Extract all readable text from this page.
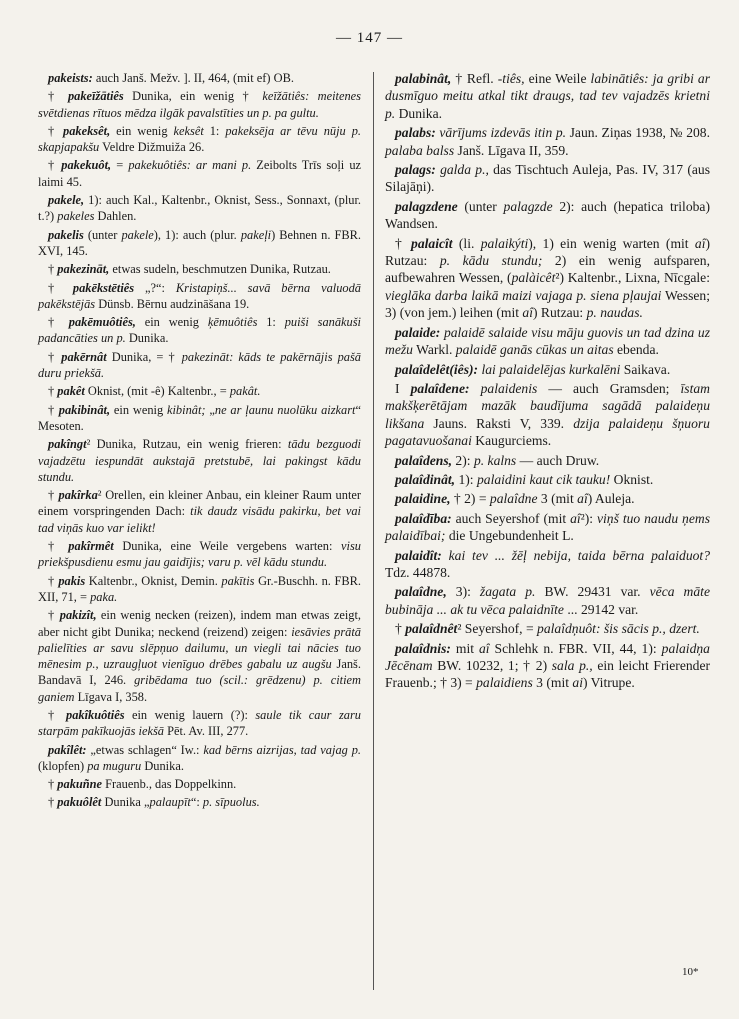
— 147 —

pakeists: auch Janš. Mežv. ]. II, 464, (mit ef) OB.

† pakeīžātiês Dunika, ein wenig † keīžātiês: meitenes svētdienas rītuos mēdza ilgāk pavalstīties un p. pa gultu.

† pakeksêt, ein wenig keksêt 1: pakeksēja ar tēvu nūju p. skapjapakšu Veldre Dižmuiža 26.

† pakekuôt, = pakekuôtiês: ar mani p. Zeibolts Trīs soļi uz laimi 45.

pakele, 1): auch Kal., Kaltenbr., Oknist, Sess., Sonnaxt, (plur. t.?) pakeles Dahlen.

pakelis (unter pakele), 1): auch (plur. pakeļi) Behnen n. FBR. XVI, 145.

† pakezināt, etwas sudeln, beschmutzen Dunika, Rutzau.

† pakēkstētiês „?“: Kristapiņš... savā bērna valuodā pakēkstējās Dünsb. Bērnu audzināšana 19.

† pakēmuôtiês, ein wenig ķēmuôtiês 1: puiši sanākuši padancāties un p. Dunika.

† pakērnât Dunika, = † pakezināt: kāds te pakērnājis pašā duru priekšā.

† pakêt Oknist, (mit -ê) Kaltenbr., = pakât.

† pakibinât, ein wenig kibinât; „ne ar ļaunu nuolūku aizkart“ Mesoten.

pakîngt² Dunika, Rutzau, ein wenig frieren: tādu bezguodi vajadzētu iespundāt aukstajā pretstubē, lai pakingst kādu stundu.

† pakîrka² Orellen, ein kleiner Anbau, ein kleiner Raum unter einem vorspringenden Dach: tik daudz visādu pakirku, bet vai tad viņās kuo var ielikt!

† pakîrmêt Dunika, eine Weile vergebens warten: visu priekšpusdienu esmu jau gaidījis; varu p. vēl kādu stundu.

† pakis Kaltenbr., Oknist, Demin. pakītis Gr.-Buschh. n. FBR. XII, 71, = paka.

† pakizît, ein wenig necken (reizen), indem man etwas zeigt, aber nicht gibt Dunika; neckend (reizend) zeigen: iesāvies prātā palielīties ar savu slēpņuo dailumu, un viegli tai nācies tuo mēnesim p., uzraugļuot vienīguo drēbes gabalu uz augšu Janš. Bandavā I, 246. gribēdama tuo (scil.: grēdzenu) p. citiem ganiem Līgava I, 358.

† pakîkuôtiês ein wenig lauern (?): saule tik caur zaru starpām pakīkuojās iekšā Pēt. Av. III, 277.

pakîlêt: „etwas schlagen“ Iw.: kad bērns aizrijas, tad vajag p. (klopfen) pa muguru Dunika.

† pakuñne Frauenb., das Doppelkinn.

† pakuôlêt Dunika „palaupīt“: p. sīpuolus.

palabinât, † Refl. -tiês, eine Weile labinātiês: ja gribi ar dusmīguo meitu atkal tikt draugs, tad tev vajadzēs krietni p. Dunika.

palabs: vārījums izdevās itin p. Jaun. Ziņas 1938, № 208. palaba balss Janš. Līgava II, 359.

palags: galda p., das Tischtuch Auleja, Pas. IV, 317 (aus Silajāņi).

palagzdene (unter palagzde 2): auch (hepatica triloba) Wandsen.

† palaicît (li. palaikýti), 1) ein wenig warten (mit aî) Rutzau: p. kādu stundu; 2) ein wenig aufsparen, aufbewahren Wessen, (palàicêt²) Kaltenbr., Lixna, Nīcgale: vieglāka darba laikā maizi vajaga p. siena pļaujai Wessen; 3) (von jem.) leihen (mit aî) Rutzau: p. naudas.

palaide: palaidē salaide visu māju guovis un tad dzina uz mežu Warkl. palaidē ganās cūkas un aitas ebenda.

palaîdelêt(iês): lai palaidelējas kurkalēni Saikava.

I palaîdene: palaidenis — auch Gramsden; īstam makšķerētājam mazāk baudījuma sagādā palaideņu likšana Jauns. Raksti V, 339. dzija palaideņu šņuoru pagatavuošanai Kaugurciems.

palaîdens, 2): p. kalns — auch Druw.

palaîdinât, 1): palaidini kaut cik tauku! Oknist.

palaidine, † 2) = palaîdne 3 (mit aî) Auleja.

palaîdība: auch Seyershof (mit aî²): viņš tuo naudu ņems palaidībai; die Ungebundenheit L.

palaidît: kai tev ... žēļ nebija, taida bērna palaiduot? Tdz. 44878.

palaîdne, 3): žagata p. BW. 29431 var. vēca māte bubināja ... ak tu vēca palaidnīte ... 29142 var.

† palaîdnêt² Seyershof, = palaîdņuôt: šis sācis p., dzert.

palaîdnis: mit aî Schlehk n. FBR. VII, 44, 1): palaidņa Jēcēnam BW. 10232, 1; † 2) sala p., ein leicht Frierender Frauenb.; † 3) = palaidiens 3 (mit ai) Vitrupe.

10*
